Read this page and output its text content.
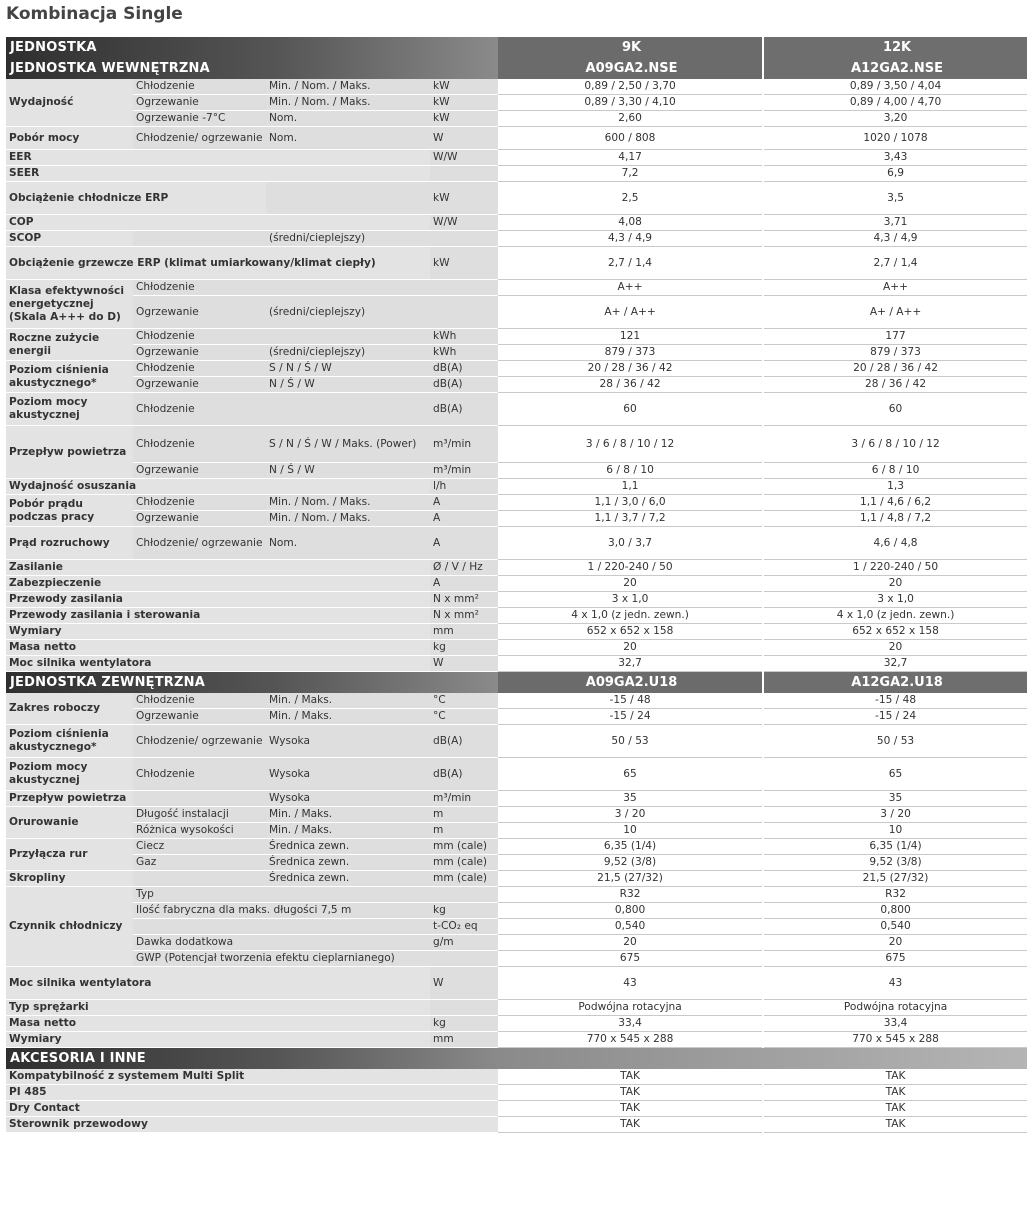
Kombinacja Single
JEDNOSTKA				9K		12K
JEDNOSTKA WEWNĘTRZNA				A09GA2.NSE		A12GA2.NSE
Wydajność	Chłodzenie	Min. / Nom. / Maks.	kW	0,89 / 2,50 / 3,70		0,89 / 3,50 / 4,04
	Ogrzewanie	Min. / Nom. / Maks.	kW	0,89 / 3,30 / 4,10		0,89 / 4,00 / 4,70
	Ogrzewanie -7°C	Nom.	kW	2,60		3,20
Pobór mocy	Chłodzenie/ ogrzewanie	Nom.	W	600 / 808		1020 / 1078
EER			W/W	4,17		3,43
SEER				7,2		6,9
Obciążenie chłodnicze ERP			kW	2,5		3,5
COP			W/W	4,08		3,71
SCOP		(średni/cieplejszy)		4,3 / 4,9		4,3 / 4,9
Obciążenie grzewcze ERP (klimat umiarkowany/klimat ciepły)			kW	2,7 / 1,4		2,7 / 1,4
Klasa efektywności energetycznej (Skala A+++ do D)	Chłodzenie			A++		A++
	Ogrzewanie	(średni/cieplejszy)		A+ / A++		A+ / A++
Roczne zużycie energii	Chłodzenie		kWh	121		177
	Ogrzewanie	(średni/cieplejszy)	kWh	879 / 373		879 / 373
Poziom ciśnienia akustycznego*	Chłodzenie	S / N / Ś / W	dB(A)	20 / 28 / 36 / 42		20 / 28 / 36 / 42
	Ogrzewanie	N / Ś / W	dB(A)	28 / 36 / 42		28 / 36 / 42
Poziom mocy akustycznej	Chłodzenie		dB(A)	60		60
Przepływ powietrza	Chłodzenie	S / N / Ś / W / Maks. (Power)	m³/min	3 / 6 / 8 / 10 / 12		3 / 6 / 8 / 10 / 12
	Ogrzewanie	N / Ś / W	m³/min	6 / 8 / 10		6 / 8 / 10
Wydajność osuszania			l/h	1,1		1,3
Pobór prądu podczas pracy	Chłodzenie	Min. / Nom. / Maks.	A	1,1 / 3,0 / 6,0		1,1 / 4,6 / 6,2
	Ogrzewanie	Min. / Nom. / Maks.	A	1,1 / 3,7 / 7,2		1,1 / 4,8 / 7,2
Prąd rozruchowy	Chłodzenie/ ogrzewanie	Nom.	A	3,0 / 3,7		4,6 / 4,8
Zasilanie			Ø / V / Hz	1 / 220-240 / 50		1 / 220-240 / 50
Zabezpieczenie			A	20		20
Przewody zasilania			N x mm²	3 x 1,0		3 x 1,0
Przewody zasilania i sterowania			N x mm²	4 x 1,0 (z jedn. zewn.)		4 x 1,0 (z jedn. zewn.)
Wymiary			mm	652 x 652 x 158		652 x 652 x 158
Masa netto			kg	20		20
Moc silnika wentylatora			W	32,7		32,7
JEDNOSTKA ZEWNĘTRZNA				A09GA2.U18		A12GA2.U18
Zakres roboczy	Chłodzenie	Min. / Maks.	°C	-15 / 48		-15 / 48
	Ogrzewanie	Min. / Maks.	°C	-15 / 24		-15 / 24
Poziom ciśnienia akustycznego*	Chłodzenie/ ogrzewanie	Wysoka	dB(A)	50 / 53		50 / 53
Poziom mocy akustycznej	Chłodzenie	Wysoka	dB(A)	65		65
Przepływ powietrza		Wysoka	m³/min	35		35
Orurowanie	Długość instalacji	Min. / Maks.	m	3 / 20		3 / 20
	Różnica wysokości	Min. / Maks.	m	10		10
Przyłącza rur	Ciecz	Średnica zewn.	mm (cale)	6,35 (1/4)		6,35 (1/4)
	Gaz	Średnica zewn.	mm (cale)	9,52 (3/8)		9,52 (3/8)
Skropliny		Średnica zewn.	mm (cale)	21,5 (27/32)		21,5 (27/32)
Czynnik chłodniczy	Typ			R32		R32
	Ilość fabryczna dla maks. długości 7,5 m		kg	0,800		0,800
			t-CO₂ eq	0,540		0,540
	Dawka dodatkowa		g/m	20		20
	GWP (Potencjał tworzenia efektu cieplarnianego)			675		675
Moc silnika wentylatora			W	43		43
Typ sprężarki				Podwójna rotacyjna		Podwójna rotacyjna
Masa netto			kg	33,4		33,4
Wymiary			mm	770 x 545 x 288		770 x 545 x 288
AKCESORIA I INNE						
Kompatybilność z systemem Multi Split				TAK		TAK
PI 485				TAK		TAK
Dry Contact				TAK		TAK
Sterownik przewodowy				TAK		TAK
